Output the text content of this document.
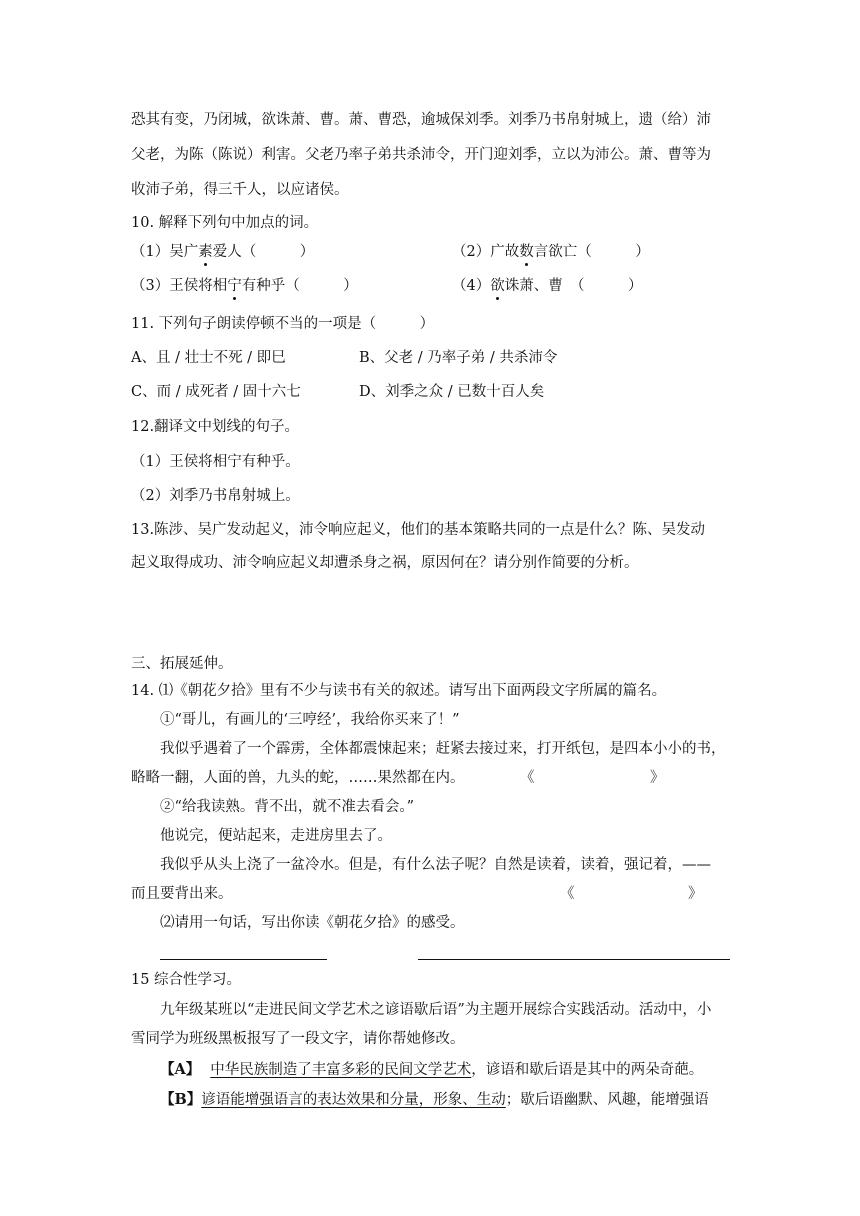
恐其有变，乃闭城，欲诛萧、曹。萧、曹恐，逾城保刘季。刘季乃书帛射城上，遗（给）沛
父老，为陈（陈说）利害。父老乃率子弟共杀沛令，开门迎刘季，立以为沛公。萧、曹等为
收沛子弟，得三千人，以应诸侯。
10. 解释下列句中加点的词。
（1）吴广素爱人（　　　）	（2）广故数言欲亡（　　　）
（3）王侯将相宁有种乎（　　　）	（4）欲诛萧、曹　（　　　）
11. 下列句子朗读停顿不当的一项是（　　　）
A、且 / 壮士不死 / 即巳	B、父老 / 乃率子弟 / 共杀沛令
C、而 / 成死者 / 固十六七	D、刘季之众 / 已数十百人矣
12.翻译文中划线的句子。
（1）王侯将相宁有种乎。
（2）刘季乃书帛射城上。
13.陈涉、吴广发动起义，沛令响应起义，他们的基本策略共同的一点是什么？陈、吴发动
起义取得成功、沛令响应起义却遭杀身之祸，原因何在？请分别作简要的分析。
三、拓展延伸。
14. ⑴《朝花夕拾》里有不少与读书有关的叙述。请写出下面两段文字所属的篇名。
①“哥儿，有画儿的‘三哼经’，我给你买来了！”
我似乎遇着了一个霹雳，全体都震悚起来；赶紧去接过来，打开纸包，是四本小小的书，
略略一翻，人面的兽，九头的蛇，……果然都在内。	《	》
②“给我读熟。背不出，就不准去看会。”
他说完，便站起来，走进房里去了。
我似乎从头上浇了一盆冷水。但是，有什么法子呢？自然是读着，读着，强记着，——
而且要背出来。	《	》
⑵请用一句话，写出你读《朝花夕拾》的感受。
15 综合性学习。
九年级某班以“走进民间文学艺术之谚语歇后语”为主题开展综合实践活动。活动中，小
雪同学为班级黑板报写了一段文字，请你帮她修改。
【A】 中华民族制造了丰富多彩的民间文学艺术，谚语和歇后语是其中的两朵奇葩。
【B】谚语能增强语言的表达效果和分量，形象、生动；歇后语幽默、风趣，能增强语
